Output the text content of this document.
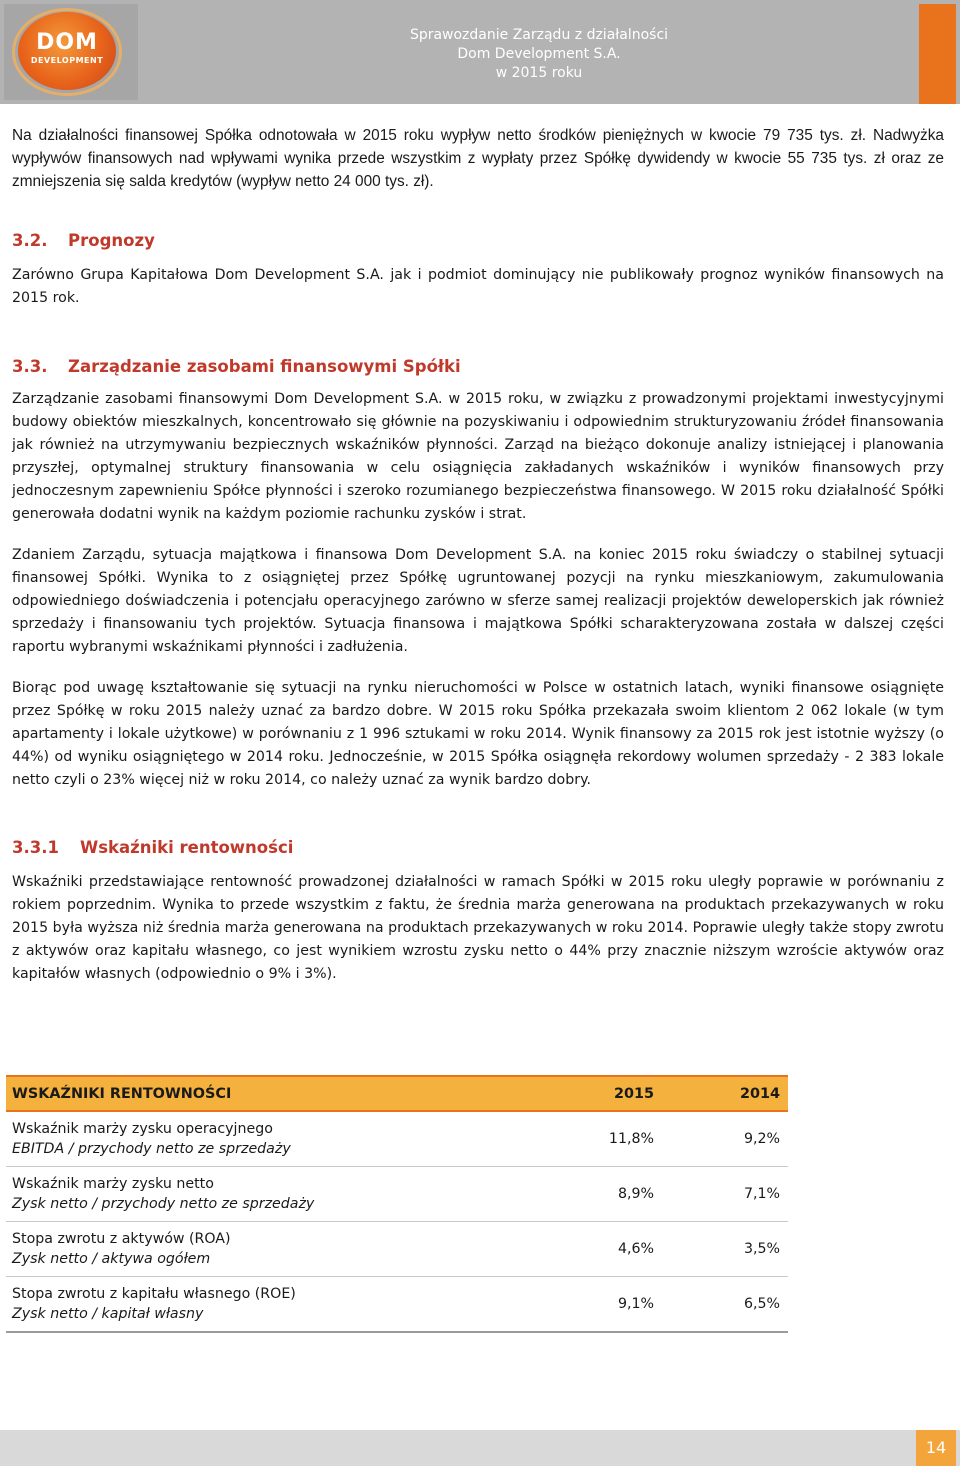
DOM
DEVELOPMENT
Sprawozdanie Zarządu z działalności
Dom Development S.A.
w 2015 roku

Na działalności finansowej Spółka odnotowała w 2015 roku wypływ netto środków pieniężnych w kwocie 79 735 tys. zł. Nadwyżka wypływów finansowych nad wpływami wynika przede wszystkim z wypłaty przez Spółkę dywidendy w kwocie 55 735 tys. zł oraz ze zmniejszenia się salda kredytów (wypływ netto 24 000 tys. zł).

3.2. Prognozy

Zarówno Grupa Kapitałowa Dom Development S.A. jak i podmiot dominujący nie publikowały prognoz wyników finansowych na 2015 rok.

3.3. Zarządzanie zasobami finansowymi Spółki

Zarządzanie zasobami finansowymi Dom Development S.A. w 2015 roku, w związku z prowadzonymi projektami inwestycyjnymi budowy obiektów mieszkalnych, koncentrowało się głównie na pozyskiwaniu i odpowiednim strukturyzowaniu źródeł finansowania jak również na utrzymywaniu bezpiecznych wskaźników płynności. Zarząd na bieżąco dokonuje analizy istniejącej i planowania przyszłej, optymalnej struktury finansowania w celu osiągnięcia zakładanych wskaźników i wyników finansowych przy jednoczesnym zapewnieniu Spółce płynności i szeroko rozumianego bezpieczeństwa finansowego. W 2015 roku działalność Spółki generowała dodatni wynik na każdym poziomie rachunku zysków i strat.

Zdaniem Zarządu, sytuacja majątkowa i finansowa Dom Development S.A. na koniec 2015 roku świadczy o stabilnej sytuacji finansowej Spółki. Wynika to z osiągniętej przez Spółkę ugruntowanej pozycji na rynku mieszkaniowym, zakumulowania odpowiedniego doświadczenia i potencjału operacyjnego zarówno w sferze samej realizacji projektów deweloperskich jak również sprzedaży i finansowaniu tych projektów. Sytuacja finansowa i majątkowa Spółki scharakteryzowana została w dalszej części raportu wybranymi wskaźnikami płynności i zadłużenia.

Biorąc pod uwagę kształtowanie się sytuacji na rynku nieruchomości w Polsce w ostatnich latach, wyniki finansowe osiągnięte przez Spółkę w roku 2015 należy uznać za bardzo dobre. W 2015 roku Spółka przekazała swoim klientom 2 062 lokale (w tym apartamenty i lokale użytkowe) w porównaniu z 1 996 sztukami w roku 2014. Wynik finansowy za 2015 rok jest istotnie wyższy (o 44%) od wyniku osiągniętego w 2014 roku. Jednocześnie, w 2015 Spółka osiągnęła rekordowy wolumen sprzedaży - 2 383 lokale netto czyli o 23% więcej niż w roku 2014, co należy uznać za wynik bardzo dobry.

3.3.1 Wskaźniki rentowności

Wskaźniki przedstawiające rentowność prowadzonej działalności w ramach Spółki w 2015 roku uległy poprawie w porównaniu z rokiem poprzednim. Wynika to przede wszystkim z faktu, że średnia marża generowana na produktach przekazywanych w roku 2015 była wyższa niż średnia marża generowana na produktach przekazywanych w roku 2014. Poprawie uległy także stopy zwrotu z aktywów oraz kapitału własnego, co jest wynikiem wzrostu zysku netto o 44% przy znacznie niższym wzroście aktywów oraz kapitałów własnych (odpowiednio o 9% i 3%).

WSKAŹNIKI RENTOWNOŚCI	2015	2014

Wskaźnik marży zysku operacyjnego
EBITDA / przychody netto ze sprzedaży	11,8%	9,2%

Wskaźnik marży zysku netto
Zysk netto / przychody netto ze sprzedaży	8,9%	7,1%

Stopa zwrotu z aktywów (ROA)
Zysk netto / aktywa ogółem	4,6%	3,5%

Stopa zwrotu z kapitału własnego (ROE)
Zysk netto / kapitał własny	9,1%	6,5%
14
